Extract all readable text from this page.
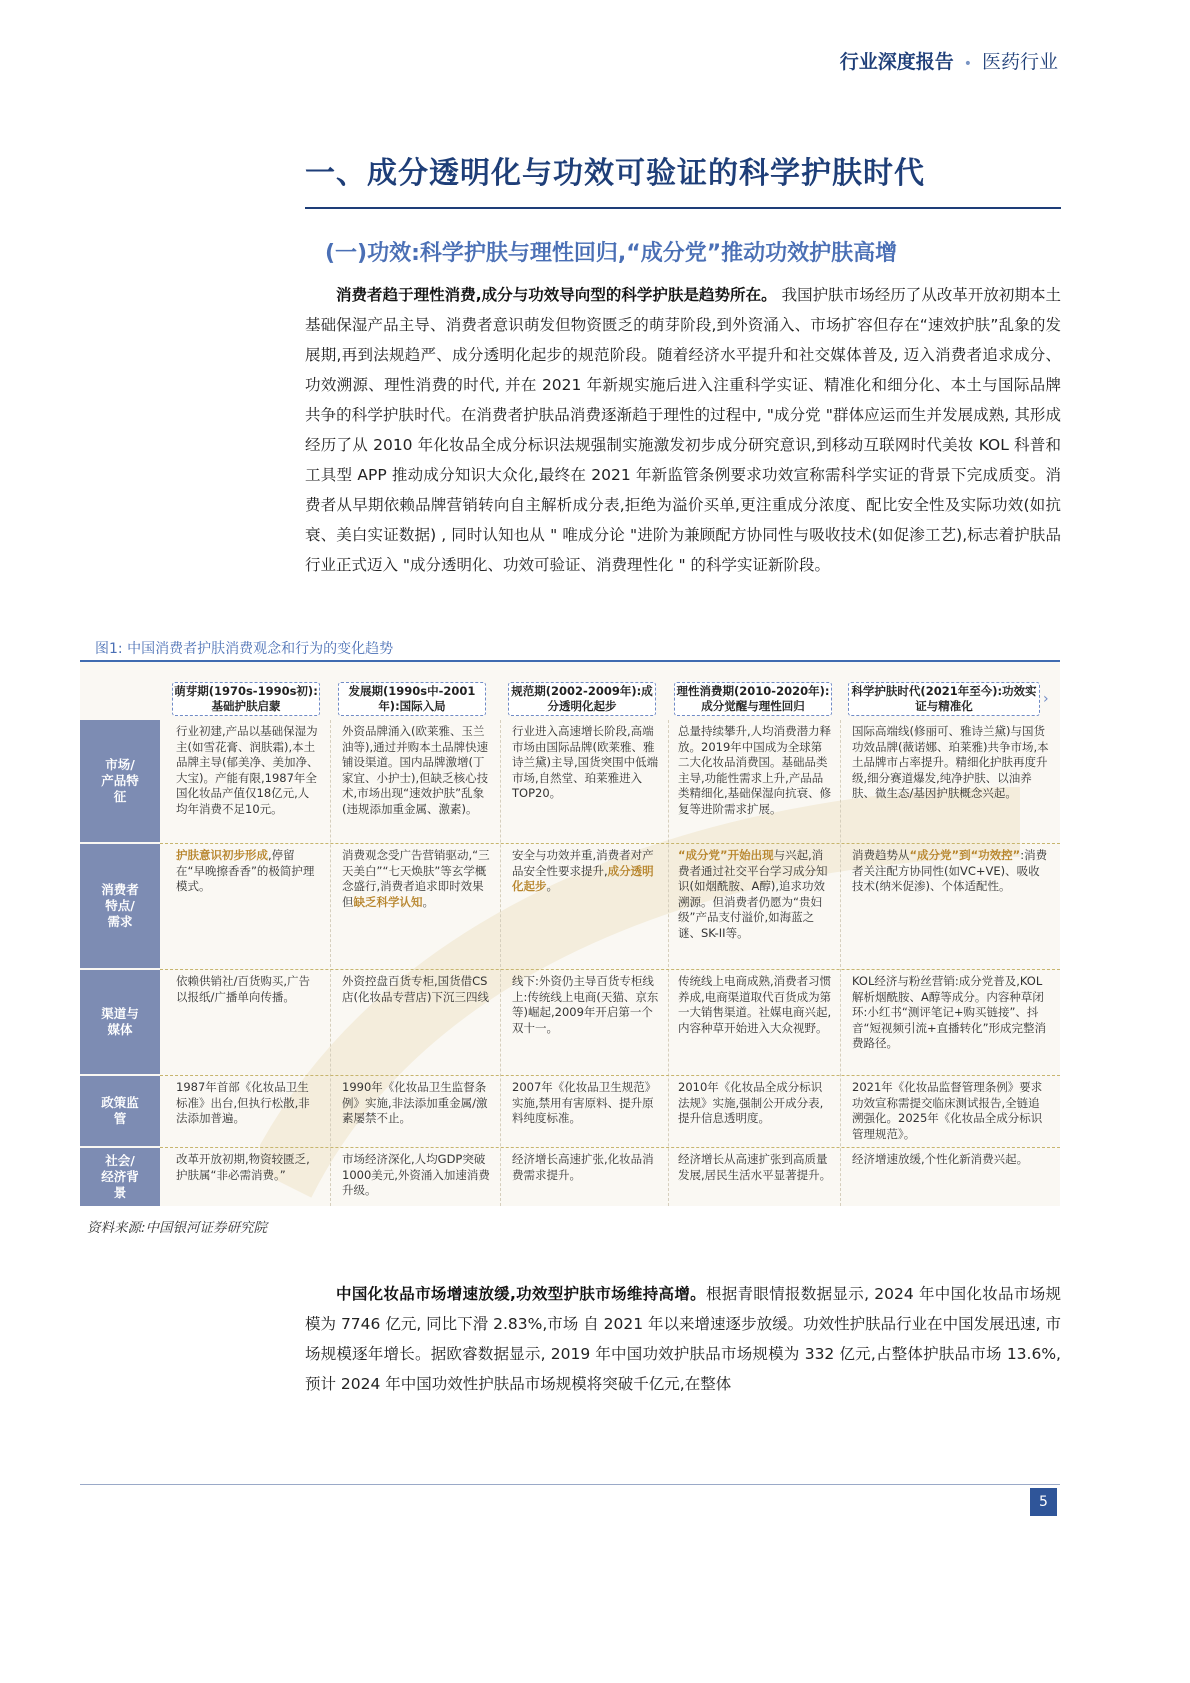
行业深度报告 • 医药行业
一、成分透明化与功效可验证的科学护肤时代
(一)功效:科学护肤与理性回归,“成分党”推动功效护肤高增
消费者趋于理性消费,成分与功效导向型的科学护肤是趋势所在。 我国护肤市场经历了从改革开放初期本土基础保湿产品主导、消费者意识萌发但物资匮乏的萌芽阶段,到外资涌入、市场扩容但存在“速效护肤”乱象的发展期,再到法规趋严、成分透明化起步的规范阶段。随着经济水平提升和社交媒体普及, 迈入消费者追求成分、功效溯源、理性消费的时代, 并在 2021 年新规实施后进入注重科学实证、精准化和细分化、本土与国际品牌共争的科学护肤时代。在消费者护肤品消费逐渐趋于理性的过程中, "成分党 "群体应运而生并发展成熟, 其形成经历了从 2010 年化妆品全成分标识法规强制实施激发初步成分研究意识,到移动互联网时代美妆 KOL 科普和工具型 APP 推动成分知识大众化,最终在 2021 年新监管条例要求功效宣称需科学实证的背景下完成质变。消费者从早期依赖品牌营销转向自主解析成分表,拒绝为溢价买单,更注重成分浓度、配比安全性及实际功效(如抗衰、美白实证数据) , 同时认知也从 " 唯成分论 "进阶为兼顾配方协同性与吸收技术(如促渗工艺),标志着护肤品行业正式迈入 "成分透明化、功效可验证、消费理性化 " 的科学实证新阶段。
图1: 中国消费者护肤消费观念和行为的变化趋势
市场/产品特征
消费者特点/需求
渠道与媒体
政策监管
社会/经济背景
萌芽期(1970s-1990s初):基础护肤启蒙
发展期(1990s中-2001年):国际入局
规范期(2002-2009年):成分透明化起步
理性消费期(2010-2020年):成分觉醒与理性回归
科学护肤时代(2021年至今):功效实证与精准化	›
行业初建,产品以基础保湿为主(如雪花膏、润肤霜),本土品牌主导(郁美净、美加净、大宝)。产能有限,1987年全国化妆品产值仅18亿元,人均年消费不足10元。
外资品牌涌入(欧莱雅、玉兰油等),通过并购本土品牌快速铺设渠道。国内品牌激增(丁家宜、小护士),但缺乏核心技术,市场出现“速效护肤”乱象(违规添加重金属、激素)。
行业进入高速增长阶段,高端市场由国际品牌(欧莱雅、雅诗兰黛)主导,国货突围中低端市场,自然堂、珀莱雅进入TOP20。
总量持续攀升,人均消费潜力释放。2019年中国成为全球第二大化妆品消费国。基础品类主导,功能性需求上升,产品品类精细化,基础保湿向抗衰、修复等进阶需求扩展。
国际高端线(修丽可、雅诗兰黛)与国货功效品牌(薇诺娜、珀莱雅)共争市场,本土品牌市占率提升。精细化护肤再度升级,细分赛道爆发,纯净护肤、以油养肤、微生态/基因护肤概念兴起。
护肤意识初步形成,停留在“早晚擦香香”的极简护理模式。
消费观念受广告营销驱动,“三天美白”“七天焕肤”等玄学概念盛行,消费者追求即时效果但缺乏科学认知。
安全与功效并重,消费者对产品安全性要求提升,成分透明化起步。
“成分党”开始出现与兴起,消费者通过社交平台学习成分知识(如烟酰胺、A醇),追求功效溯源。但消费者仍愿为“贵妇级”产品支付溢价,如海蓝之谜、SK-II等。
消费趋势从“成分党”到“功效控”:消费者关注配方协同性(如VC+VE)、吸收技术(纳米促渗)、个体适配性。
依赖供销社/百货购买,广告以报纸/广播单向传播。
外资控盘百货专柜,国货借CS店(化妆品专营店)下沉三四线
线下:外资仍主导百货专柜线上:传统线上电商(天猫、京东等)崛起,2009年开启第一个双十一。
传统线上电商成熟,消费者习惯养成,电商渠道取代百货成为第一大销售渠道。社媒电商兴起,内容种草开始进入大众视野。
KOL经济与粉丝营销:成分党普及,KOL解析烟酰胺、A醇等成分。内容种草闭环:小红书“测评笔记+购买链接”、抖音“短视频引流+直播转化”形成完整消费路径。
1987年首部《化妆品卫生标准》出台,但执行松散,非法添加普遍。
1990年《化妆品卫生监督条例》实施,非法添加重金属/激素屡禁不止。
2007年《化妆品卫生规范》实施,禁用有害原料、提升原料纯度标准。
2010年《化妆品全成分标识法规》实施,强制公开成分表,提升信息透明度。
2021年《化妆品监督管理条例》要求功效宣称需提交临床测试报告,全链追溯强化。2025年《化妆品全成分标识管理规范》。
改革开放初期,物资较匮乏,护肤属“非必需消费。”
市场经济深化,人均GDP突破1000美元,外资涌入加速消费升级。
经济增长高速扩张,化妆品消费需求提升。
经济增长从高速扩张到高质量发展,居民生活水平显著提升。
经济增速放缓,个性化新消费兴起。
资料来源:中国银河证券研究院
中国化妆品市场增速放缓,功效型护肤市场维持高增。根据青眼情报数据显示, 2024 年中国化妆品市场规模为 7746 亿元, 同比下滑 2.83%,市场 自 2021 年以来增速逐步放缓。功效性护肤品行业在中国发展迅速, 市场规模逐年增长。据欧睿数据显示, 2019 年中国功效护肤品市场规模为 332 亿元,占整体护肤品市场 13.6%,预计 2024 年中国功效性护肤品市场规模将突破千亿元,在整体
5
